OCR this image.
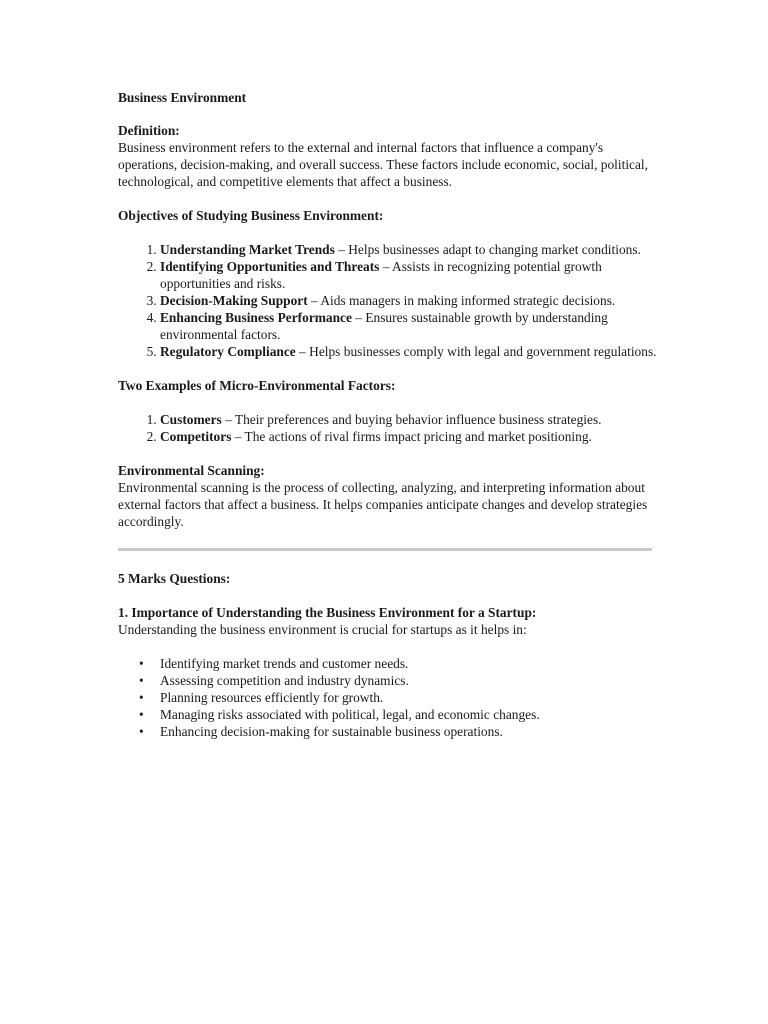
Business Environment

Definition:

Business environment refers to the external and internal factors that influence a company's operations, decision-making, and overall success. These factors include economic, social, political, technological, and competitive elements that affect a business.

Objectives of Studying Business Environment:

1. Understanding Market Trends – Helps businesses adapt to changing market conditions.
2. Identifying Opportunities and Threats – Assists in recognizing potential growth opportunities and risks.
3. Decision-Making Support – Aids managers in making informed strategic decisions.
4. Enhancing Business Performance – Ensures sustainable growth by understanding environmental factors.
5. Regulatory Compliance – Helps businesses comply with legal and government regulations.

Two Examples of Micro-Environmental Factors:

1. Customers – Their preferences and buying behavior influence business strategies.
2. Competitors – The actions of rival firms impact pricing and market positioning.

Environmental Scanning:

Environmental scanning is the process of collecting, analyzing, and interpreting information about external factors that affect a business. It helps companies anticipate changes and develop strategies accordingly.

5 Marks Questions:

1. Importance of Understanding the Business Environment for a Startup:

Understanding the business environment is crucial for startups as it helps in:

• Identifying market trends and customer needs.
• Assessing competition and industry dynamics.
• Planning resources efficiently for growth.
• Managing risks associated with political, legal, and economic changes.
• Enhancing decision-making for sustainable business operations.
